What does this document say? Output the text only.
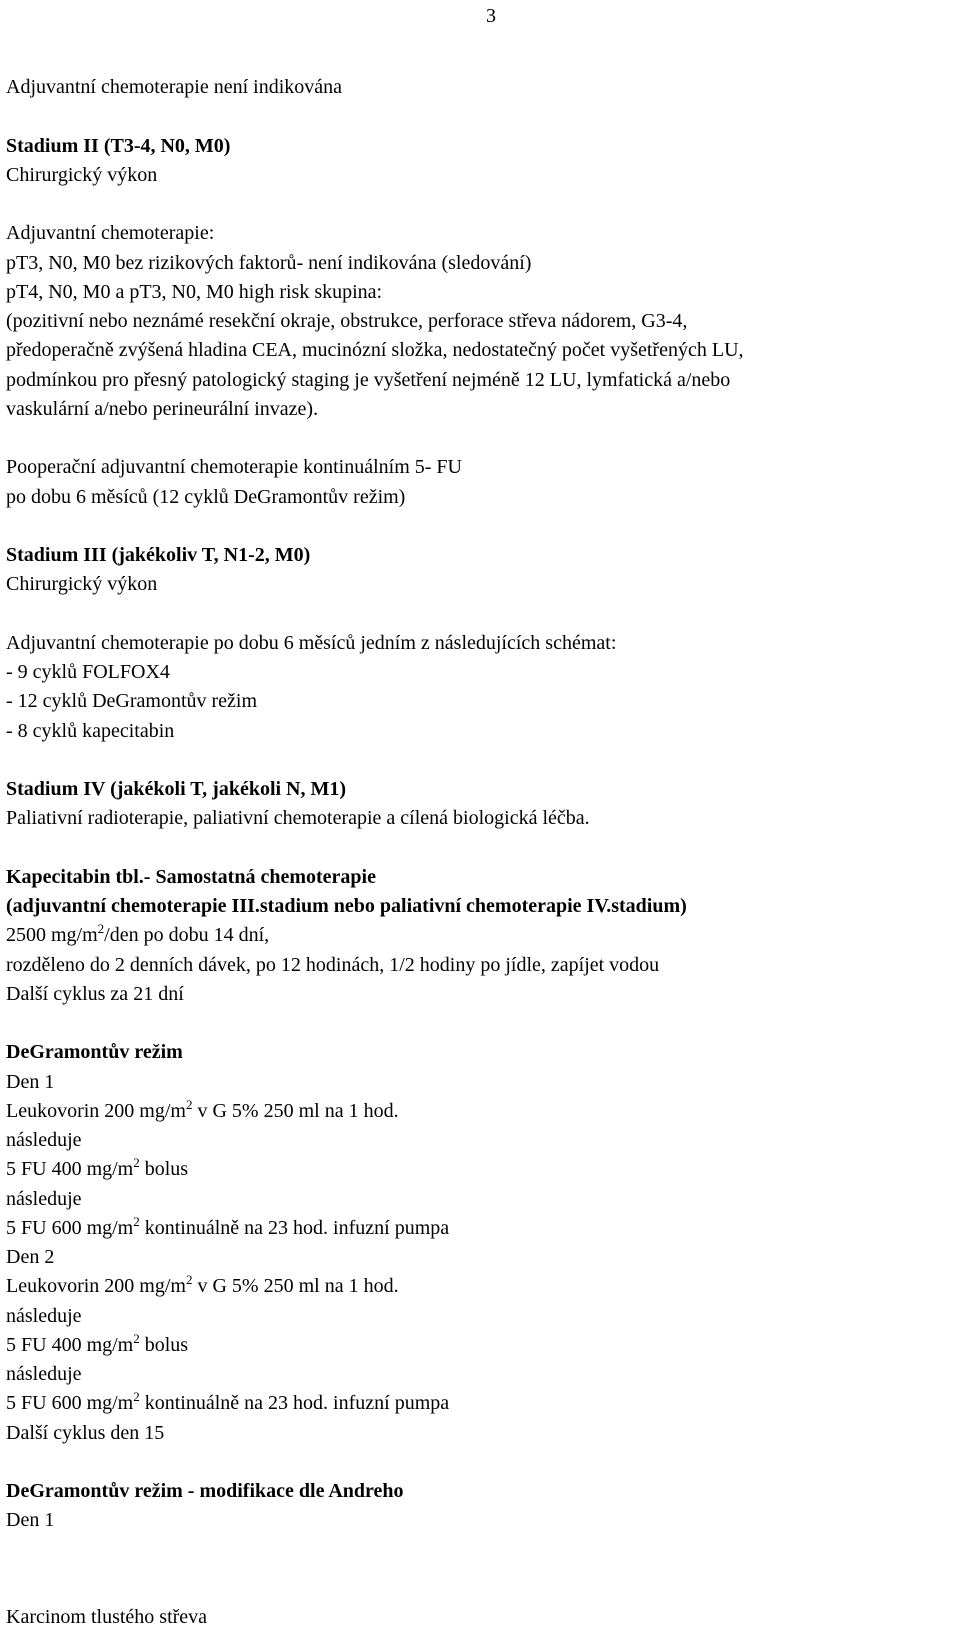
3
Adjuvantní chemoterapie není indikována
Stadium II (T3-4, N0, M0)
Chirurgický výkon
Adjuvantní chemoterapie:
pT3, N0, M0 bez rizikových faktorů- není indikována (sledování)
pT4, N0, M0 a pT3, N0, M0 high risk skupina:
(pozitivní nebo neznámé resekční okraje, obstrukce, perforace střeva nádorem, G3-4,
předoperačně zvýšená hladina CEA, mucinózní složka, nedostatečný počet vyšetřených LU,
podmínkou pro přesný patologický staging je vyšetření nejméně 12 LU, lymfatická a/nebo
vaskulární a/nebo perineurální invaze).
Pooperační adjuvantní chemoterapie kontinuálním 5- FU
po dobu 6 měsíců (12 cyklů DeGramontův režim)
Stadium III (jakékoliv T, N1-2, M0)
Chirurgický výkon
Adjuvantní chemoterapie po dobu 6 měsíců jedním z následujících schémat:
- 9 cyklů FOLFOX4
- 12 cyklů DeGramontův režim
- 8 cyklů kapecitabin
Stadium IV (jakékoli T, jakékoli N, M1)
Paliativní radioterapie, paliativní chemoterapie a cílená biologická léčba.
Kapecitabin tbl.- Samostatná chemoterapie
(adjuvantní chemoterapie III.stadium nebo paliativní chemoterapie IV.stadium)
2500 $mg/m^2$/den po dobu 14 dní,
rozděleno do 2 denních dávek, po 12 hodinách, 1/2 hodiny po jídle, zapíjet vodou
Další cyklus za 21 dní
DeGramontův režim
Den 1
Leukovorin 200 $mg/m^2$ v G 5% 250 ml na 1 hod.
následuje
5 FU 400 $mg/m^2$ bolus
následuje
5 FU 600 $mg/m^2$ kontinuálně na 23 hod. infuzní pumpa
Den 2
Leukovorin 200 $mg/m^2$ v G 5% 250 ml na 1 hod.
následuje
5 FU 400 $mg/m^2$ bolus
následuje
5 FU 600 $mg/m^2$ kontinuálně na 23 hod. infuzní pumpa
Další cyklus den 15
DeGramontův režim - modifikace dle Andreho
Den 1
Karcinom tlustého střeva
